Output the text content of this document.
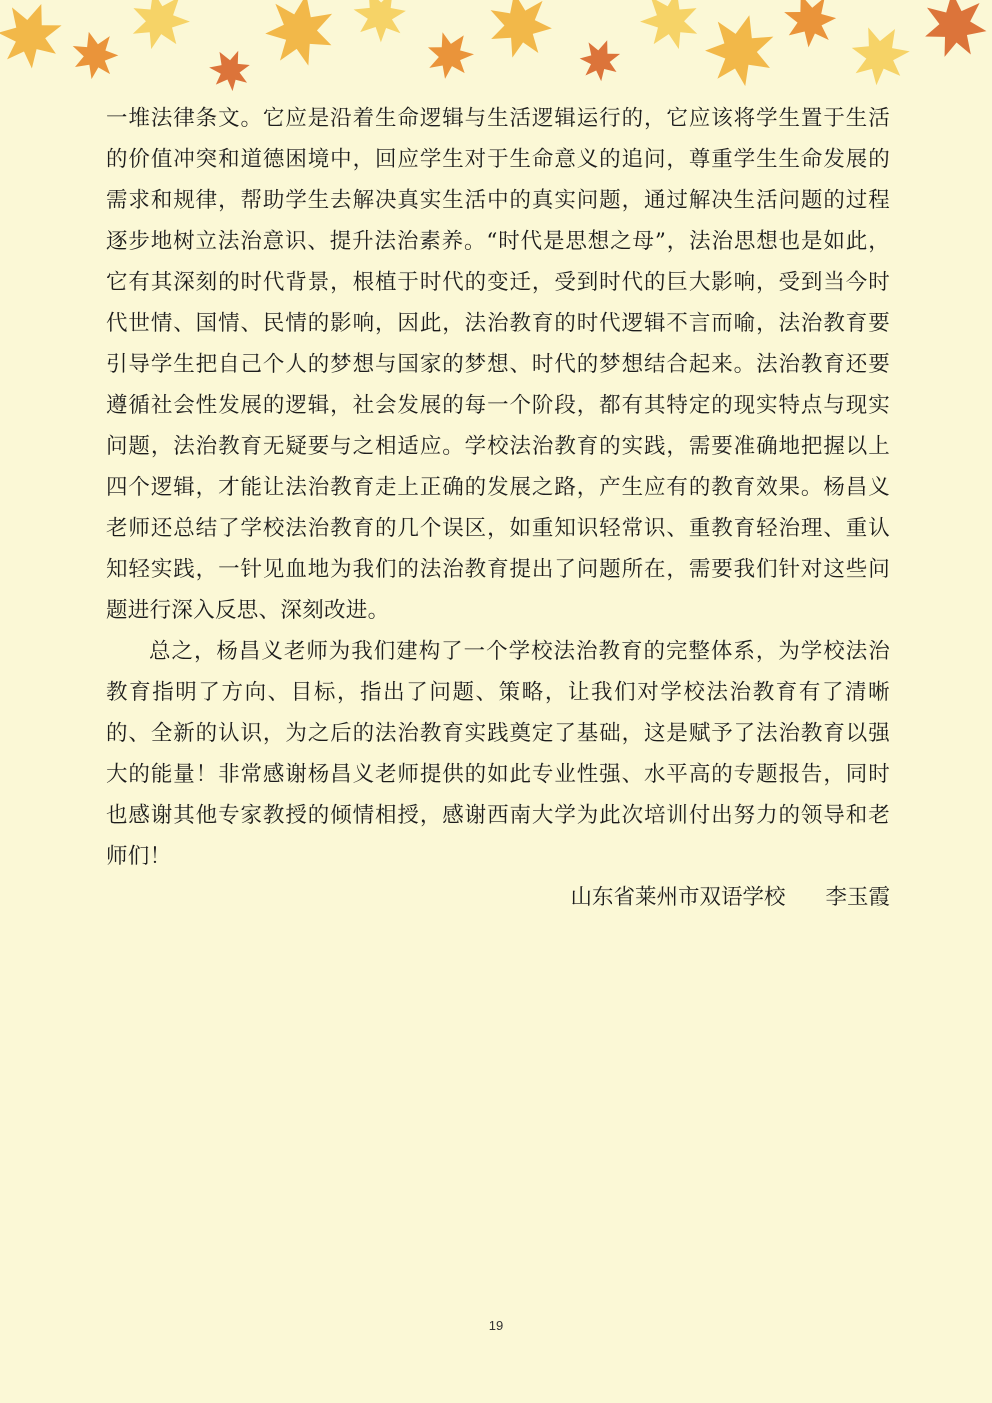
一堆法律条文。它应是沿着生命逻辑与生活逻辑运行的，它应该将学生置于生活的价值冲突和道德困境中，回应学生对于生命意义的追问，尊重学生生命发展的需求和规律，帮助学生去解决真实生活中的真实问题，通过解决生活问题的过程逐步地树立法治意识、提升法治素养。“时代是思想之母”，法治思想也是如此，它有其深刻的时代背景，根植于时代的变迁，受到时代的巨大影响，受到当今时代世情、国情、民情的影响，因此，法治教育的时代逻辑不言而喻，法治教育要引导学生把自己个人的梦想与国家的梦想、时代的梦想结合起来。法治教育还要遵循社会性发展的逻辑，社会发展的每一个阶段，都有其特定的现实特点与现实问题，法治教育无疑要与之相适应。学校法治教育的实践，需要准确地把握以上四个逻辑，才能让法治教育走上正确的发展之路，产生应有的教育效果。杨昌义老师还总结了学校法治教育的几个误区，如重知识轻常识、重教育轻治理、重认知轻实践，一针见血地为我们的法治教育提出了问题所在，需要我们针对这些问题进行深入反思、深刻改进。

总之，杨昌义老师为我们建构了一个学校法治教育的完整体系，为学校法治教育指明了方向、目标，指出了问题、策略，让我们对学校法治教育有了清晰的、全新的认识，为之后的法治教育实践奠定了基础，这是赋予了法治教育以强大的能量！非常感谢杨昌义老师提供的如此专业性强、水平高的专题报告，同时也感谢其他专家教授的倾情相授，感谢西南大学为此次培训付出努力的领导和老师们！

山东省莱州市双语学校 李玉霞

19
